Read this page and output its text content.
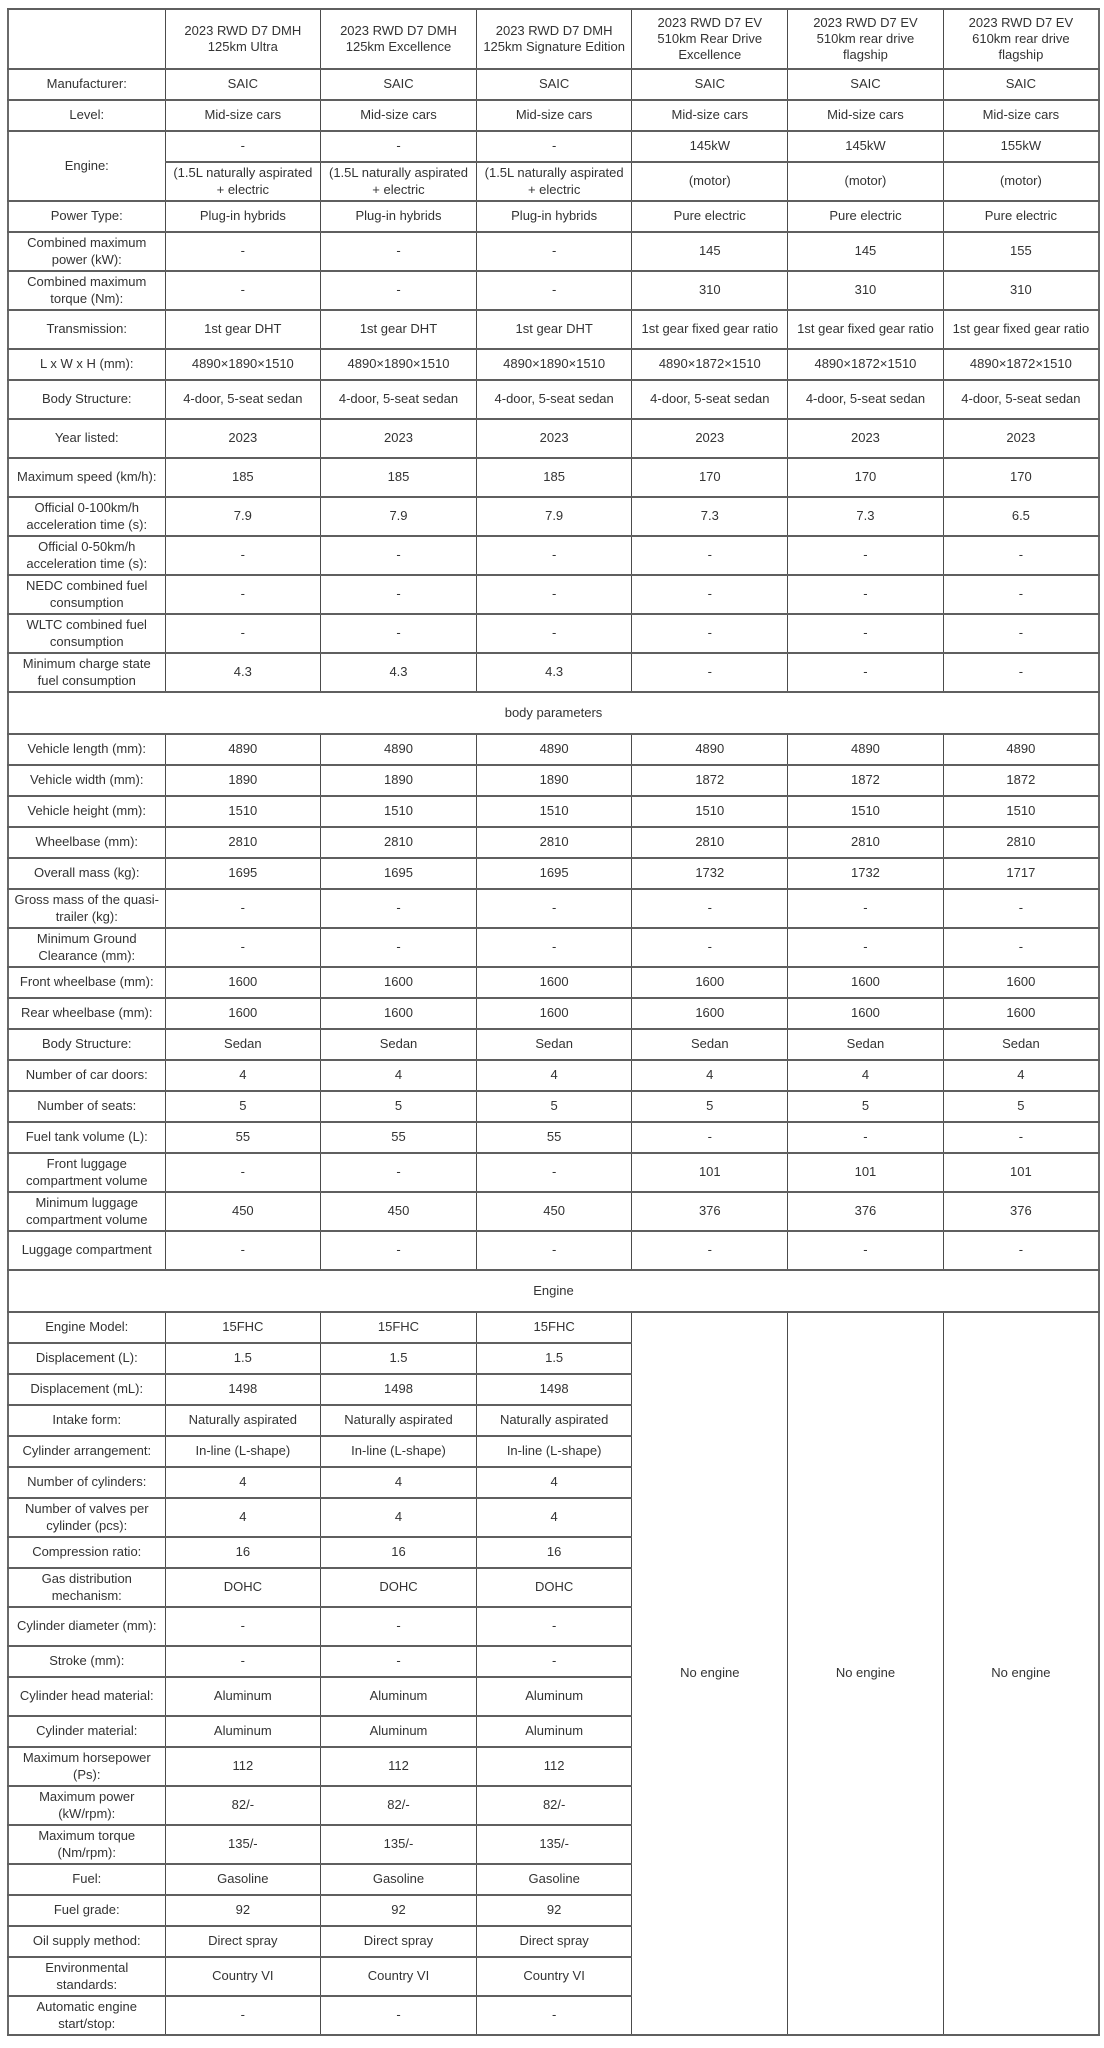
	2023 RWD D7 DMH 125km Ultra	2023 RWD D7 DMH 125km Excellence	2023 RWD D7 DMH 125km Signature Edition	2023 RWD D7 EV 510km Rear Drive Excellence	2023 RWD D7 EV 510km rear drive flagship	2023 RWD D7 EV 610km rear drive flagship
Manufacturer:	SAIC	SAIC	SAIC	SAIC	SAIC	SAIC
Level:	Mid-size cars	Mid-size cars	Mid-size cars	Mid-size cars	Mid-size cars	Mid-size cars
Engine:	-	-	-	145kW	145kW	155kW
	(1.5L naturally aspirated + electric	(1.5L naturally aspirated + electric	(1.5L naturally aspirated + electric	(motor)	(motor)	(motor)
Power Type:	Plug-in hybrids	Plug-in hybrids	Plug-in hybrids	Pure electric	Pure electric	Pure electric
Combined maximum power (kW):	-	-	-	145	145	155
Combined maximum torque (Nm):	-	-	-	310	310	310
Transmission:	1st gear DHT	1st gear DHT	1st gear DHT	1st gear fixed gear ratio	1st gear fixed gear ratio	1st gear fixed gear ratio
L x W x H (mm):	4890×1890×1510	4890×1890×1510	4890×1890×1510	4890×1872×1510	4890×1872×1510	4890×1872×1510
Body Structure:	4-door, 5-seat sedan	4-door, 5-seat sedan	4-door, 5-seat sedan	4-door, 5-seat sedan	4-door, 5-seat sedan	4-door, 5-seat sedan
Year listed:	2023	2023	2023	2023	2023	2023
Maximum speed (km/h):	185	185	185	170	170	170
Official 0-100km/h acceleration time (s):	7.9	7.9	7.9	7.3	7.3	6.5
Official 0-50km/h acceleration time (s):	-	-	-	-	-	-
NEDC combined fuel consumption	-	-	-	-	-	-
WLTC combined fuel consumption	-	-	-	-	-	-
Minimum charge state fuel consumption	4.3	4.3	4.3	-	-	-
body parameters						
Vehicle length (mm):	4890	4890	4890	4890	4890	4890
Vehicle width (mm):	1890	1890	1890	1872	1872	1872
Vehicle height (mm):	1510	1510	1510	1510	1510	1510
Wheelbase (mm):	2810	2810	2810	2810	2810	2810
Overall mass (kg):	1695	1695	1695	1732	1732	1717
Gross mass of the quasi-trailer (kg):	-	-	-	-	-	-
Minimum Ground Clearance (mm):	-	-	-	-	-	-
Front wheelbase (mm):	1600	1600	1600	1600	1600	1600
Rear wheelbase (mm):	1600	1600	1600	1600	1600	1600
Body Structure:	Sedan	Sedan	Sedan	Sedan	Sedan	Sedan
Number of car doors:	4	4	4	4	4	4
Number of seats:	5	5	5	5	5	5
Fuel tank volume (L):	55	55	55	-	-	-
Front luggage compartment volume	-	-	-	101	101	101
Minimum luggage compartment volume	450	450	450	376	376	376
Luggage compartment	-	-	-	-	-	-
Engine						
Engine Model:	15FHC	15FHC	15FHC	No engine	No engine	No engine
Displacement (L):	1.5	1.5	1.5			
Displacement (mL):	1498	1498	1498			
Intake form:	Naturally aspirated	Naturally aspirated	Naturally aspirated			
Cylinder arrangement:	In-line (L-shape)	In-line (L-shape)	In-line (L-shape)			
Number of cylinders:	4	4	4			
Number of valves per cylinder (pcs):	4	4	4			
Compression ratio:	16	16	16			
Gas distribution mechanism:	DOHC	DOHC	DOHC			
Cylinder diameter (mm):	-	-	-			
Stroke (mm):	-	-	-			
Cylinder head material:	Aluminum	Aluminum	Aluminum			
Cylinder material:	Aluminum	Aluminum	Aluminum			
Maximum horsepower (Ps):	112	112	112			
Maximum power (kW/rpm):	82/-	82/-	82/-			
Maximum torque (Nm/rpm):	135/-	135/-	135/-			
Fuel:	Gasoline	Gasoline	Gasoline			
Fuel grade:	92	92	92			
Oil supply method:	Direct spray	Direct spray	Direct spray			
Environmental standards:	Country VI	Country VI	Country VI			
Automatic engine start/stop:	-	-	-			
